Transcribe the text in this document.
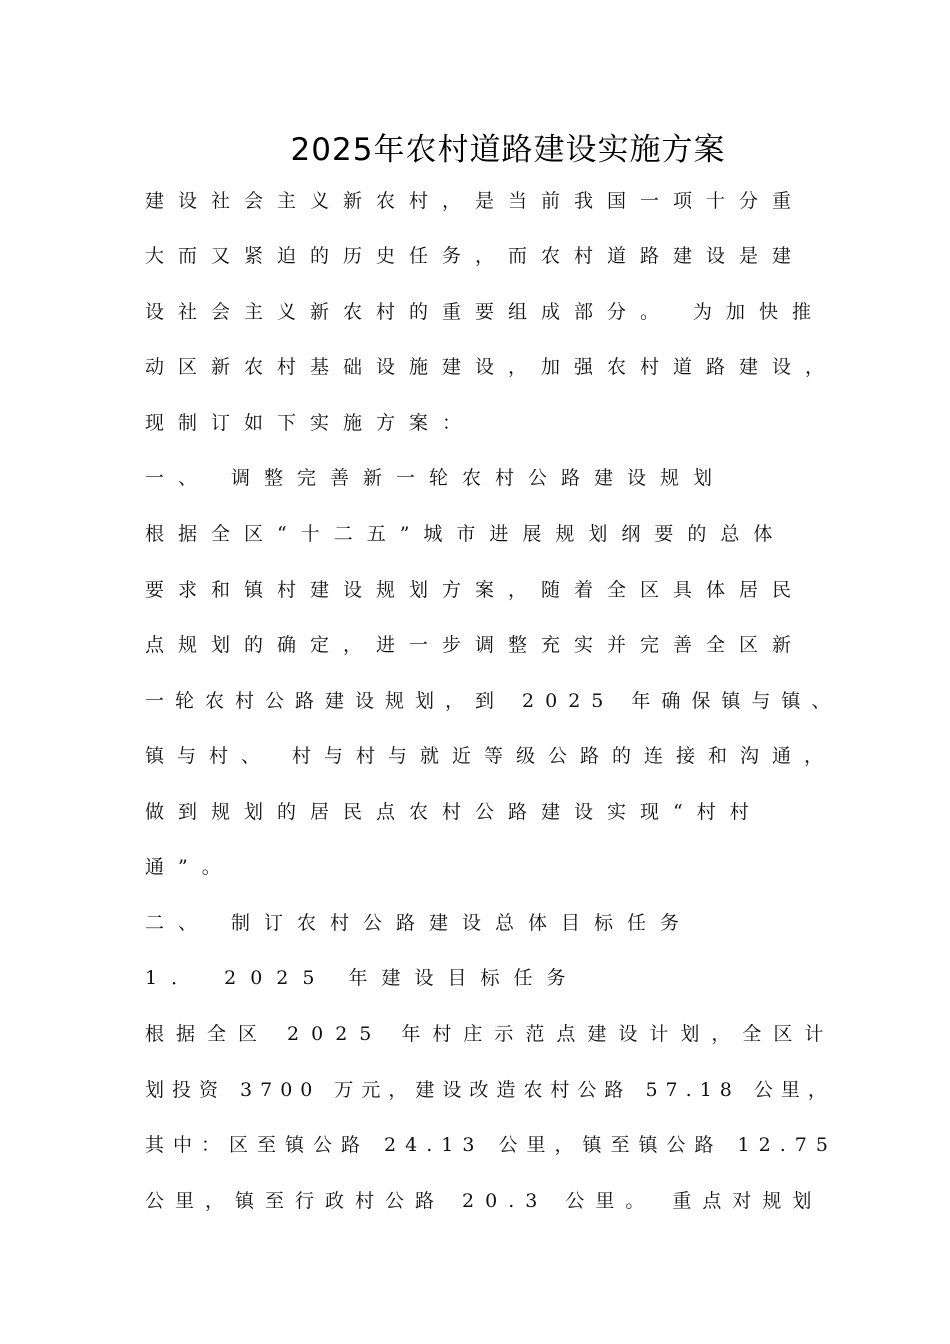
2025年农村道路建设实施方案
建设社会主义新农村，是当前我国一项十分重
大而又紧迫的历史任务，而农村道路建设是建
设社会主义新农村的重要组成部分。 为加快推
动区新农村基础设施建设，加强农村道路建设，
现制订如下实施方案：
一、 调整完善新一轮农村公路建设规划
根据全区“十二五”城市进展规划纲要的总体
要求和镇村建设规划方案，随着全区具体居民
点规划的确定，进一步调整充实并完善全区新
一轮农村公路建设规划，到 2025 年确保镇与镇、
镇与村、 村与村与就近等级公路的连接和沟通，
做到规划的居民点农村公路建设实现“村村
通”。
二、 制订农村公路建设总体目标任务
1． 2025 年建设目标任务
根据全区 2025 年村庄示范点建设计划，全区计
划投资 3700 万元，建设改造农村公路 57.18 公里，
其中：区至镇公路 24.13 公里，镇至镇公路 12.75
公里，镇至行政村公路 20.3 公里。 重点对规划
